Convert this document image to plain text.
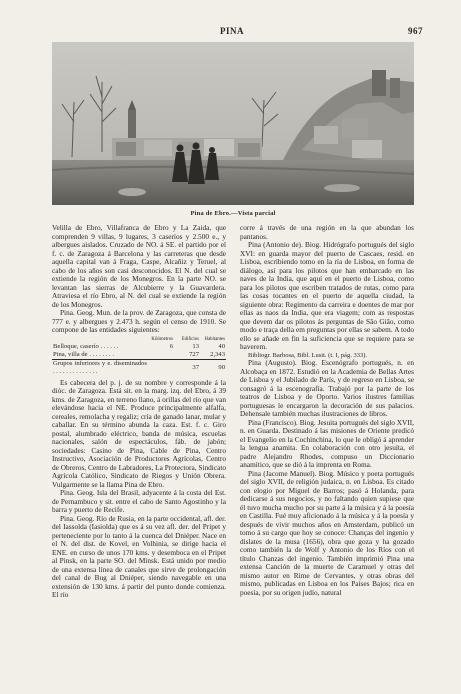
PINA	967
Pina de Ebro.—Vista parcial

Velilla de Ebro, Villafranca de Ebro y La Zaida, que comprenden 9 villas, 9 lugares, 3 caseríos y 2.500 e., y albergues aislados. Cruzado de NO. á SE. el partido por el f. c. de Zaragoza á Barcelona y las carreteras que desde aquella capital van á Fraga, Caspe, Alcañiz y Teruel, al cabo de los años son casi desconocidos. El N. del cual se extiende la región de los Monegros. En la parte NO. se levantan las sierras de Alcubierre y la Guavardera. Atraviesa el río Ebro, al N. del cual se extiende la región de los Monegros.

Pina. Geog. Mun. de la prov. de Zaragoza, que consta de 777 e. y albergues y 2.473 h. según el censo de 1910. Se compone de las entidades siguientes:

	Kilómetros	Edificios	Habitantes
Belloque, caserío . . . . . .	6	13	40
Pina, villa de . . . . . . . .		727	2,343
Grupos inferiores y e. diseminados . . . . . . . . . . . . . .		37	90

Es cabecera del p. j. de su nombre y corresponde á la dióc. de Zaragoza. Está sit. en la marg. izq. del Ebro, á 39 kms. de Zaragoza, en terreno llano, á orillas del río que van elevándose hacia el NE. Produce principalmente alfalfa, cereales, remolacha y regaliz; cría de ganado lanar, mular y caballar. En su término abunda la caza. Est. f. c. Giro postal, alumbrado eléctrico, banda de música, escuelas nacionales, salón de espectáculos, fáb. de jabón; sociedades: Casino de Pina, Cable de Pina, Centro Instructivo, Asociación de Productores Agrícolas, Centro de Obreros, Centro de Labradores, La Protectora, Sindicato Agrícola Católico, Sindicato de Riegos y Unión Obrera. Vulgarmente se la llama Pina de Ebro.

Pina. Geog. Isla del Brasil, adyacente á la costa del Est. de Pernambuco y sit. entre el cabo de Santo Agostinho y la barra y puerto de Recife.

Pina. Geog. Río de Rusia, en la parte occidental, afl. der. del Iassolda (Iasiolda) que es á su vez afl. der. del Pripet y perteneciente por lo tanto á la cuenca del Dniéper. Nace en el N. del dist. de Kovel, en Volhinia, se dirige hacia el ENE. en curso de unos 170 kms. y desemboca en el Pripet al Pinsk, en la parte SO. del Minsk. Está unido por medio de una extensa línea de canales que sirve de prolongación del canal de Bug al Dniéper, siendo navegable en una extensión de 130 kms. á partir del punto donde comienza. El río

corre á través de una región en la que abundan los pantanos.

Pina (Antonio de). Biog. Hidrógrafo portugués del siglo XVI: en guarda mayor del puerto de Cascaes, resid. en Lisboa, escribiendo tomo en la ría de Lisboa, en forma de diálogo, así para los pilotos que han embarcado en las naves de la India, que aquí en el puerto de Lisboa, como para los pilotos que escriben tratados de rutas, como para las cosas tocantes en el puerto de aquella ciudad, la siguiente obra: Regimento da carreira e doentes de mar por ellas as naos da India, que era viagem; com as respostas que devem dar os pilotos ás perguntas de São Gião, como modo e traça della em preguntas por ellas se sabem. A todo ello se añade en fin la suficiencia que se requiere para se haverem.

Bibliogr. Barbosa, Bibl. Lusit. (t. I, pág. 333).

Pina (Augusto). Biog. Escenógrafo portugués, n. en Alcobaça en 1872. Estudió en la Academia de Bellas Artes de Lisboa y el Jubilado de París, y de regreso en Lisboa, se consagró á la escenografía. Trabajó por la parte de los teatros de Lisboa y de Oporto. Varios ilustres familias portuguesas le encargaron la decoración de sus palacios. Dehensale también muchas ilustraciones de libros.

Pina (Francisco). Biog. Jesuita portugués del siglo XVII, n. en Guarda. Destinado á las misiones de Oriente predicó el Evangelio en la Cochinchina, lo que le obligó á aprender la lengua anamita. En colaboración con otro jesuíta, el padre Alejandro Rhodes, compuso un Diccionario anamítico, que se dió á la imprenta en Roma.

Pina (Jacome Manuel). Biog. Músico y poeta portugués del siglo XVII, de religión judaica, n. en Lisboa. Es citado con elogio por Miguel de Barros; pasó á Holanda, para dedicarse á sus negocios, y no faltando quien supiese que él tuvo mucha mucho por su parte á la música y á la poesía en Castilla. Fué muy aficionado á la música y á la poesía y después de vivir muchos años en Amsterdam, publicó un tomo á su cargo que hoy se conoce: Chanças del ingenio y dislates de la musa (1656), obra que goza y ha gozado como también la de Wolf y Antonio de los Ríos con el título Chanzas del ingenio. También imprimió Pina una extensa Canción de la muerte de Caramuel y otras del mismo autor en Rime de Cervantes, y otras obras del mismo, publicadas en Lisboa en los Países Bajos; rica en poesía, por su origen judío, natural
